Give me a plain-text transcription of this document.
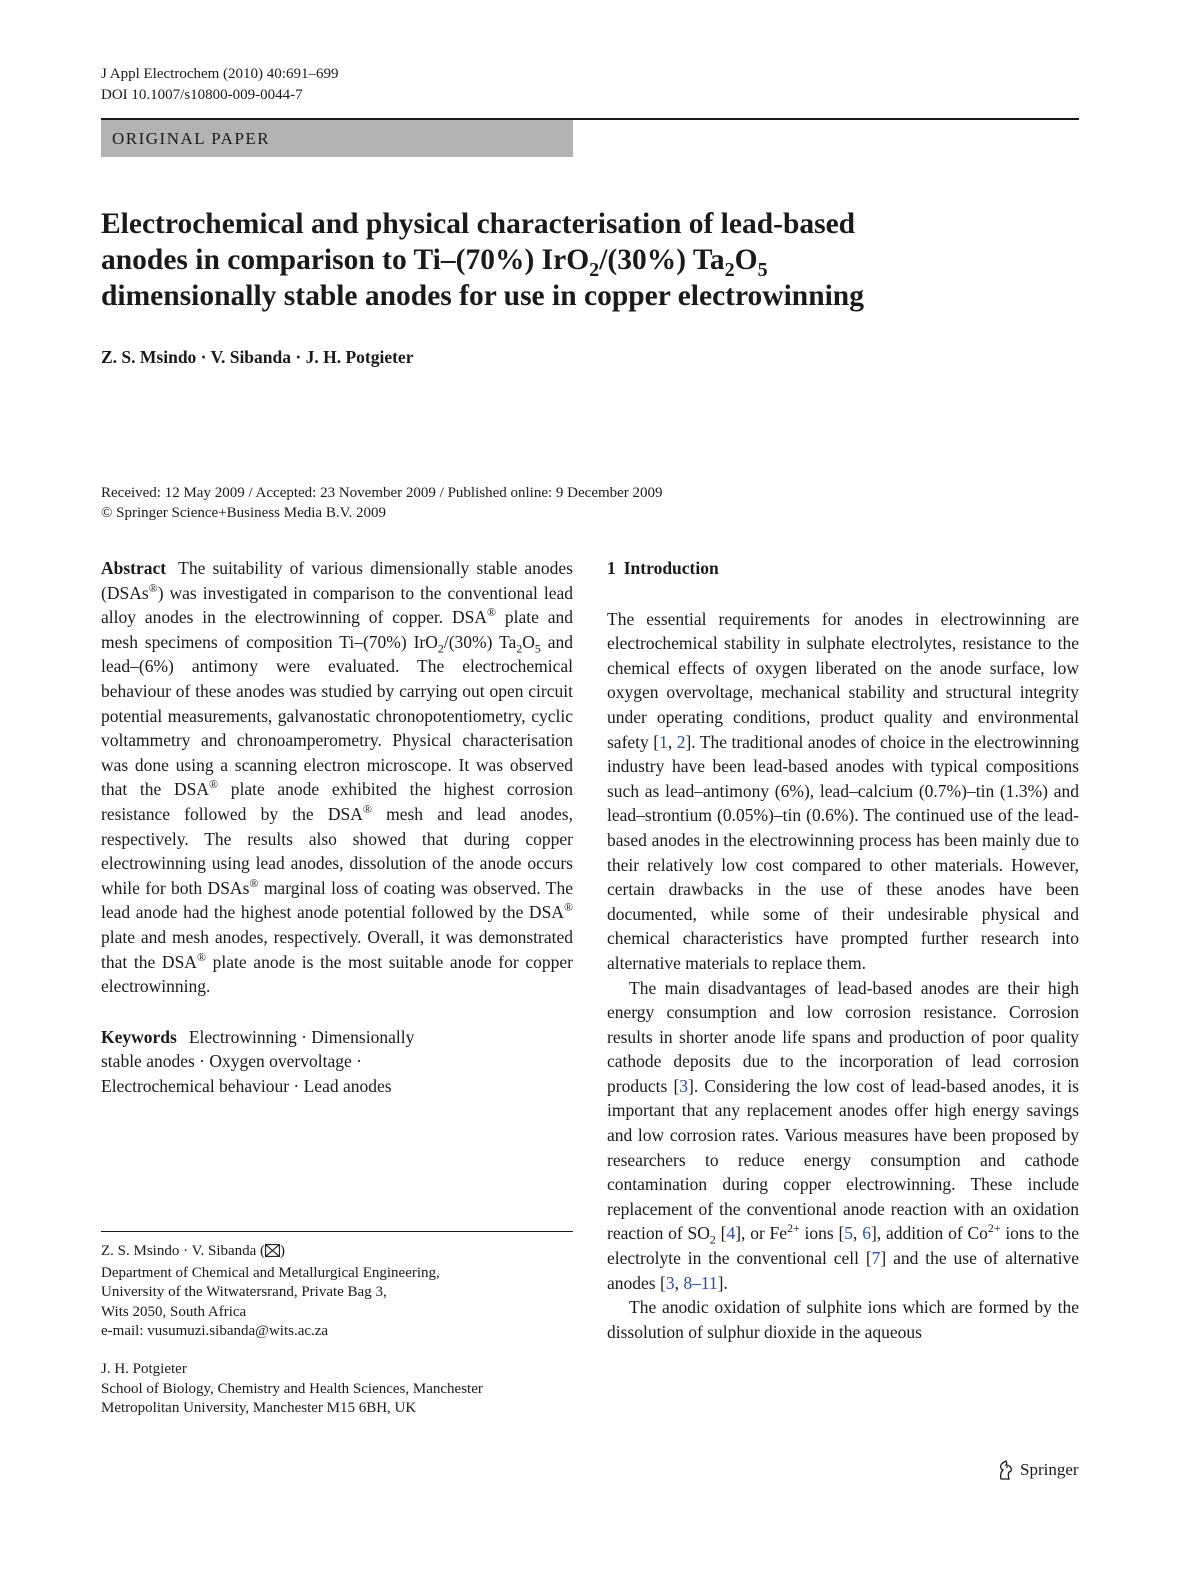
J Appl Electrochem (2010) 40:691–699
DOI 10.1007/s10800-009-0044-7
ORIGINAL PAPER
Electrochemical and physical characterisation of lead-based
anodes in comparison to Ti–(70%) IrO$_2$/(30%) $Ta_2O_5$
dimensionally stable anodes for use in copper electrowinning
Z. S. Msindo · V. Sibanda · J. H. Potgieter
Received: 12 May 2009 / Accepted: 23 November 2009 / Published online: 9 December 2009
© Springer Science+Business Media B.V. 2009
Abstract The suitability of various dimensionally stable anodes (DSAs®) was investigated in comparison to the conventional lead alloy anodes in the electrowinning of copper. DSA® plate and mesh specimens of composition Ti–(70%) IrO$_2$/(30%) $Ta_2O_5$ and lead–(6%) antimony were evaluated. The electrochemical behaviour of these anodes was studied by carrying out open circuit potential measurements, galvanostatic chronopotentiometry, cyclic voltammetry and chronoamperometry. Physical characterisation was done using a scanning electron microscope. It was observed that the DSA® plate anode exhibited the highest corrosion resistance followed by the DSA® mesh and lead anodes, respectively. The results also showed that during copper electrowinning using lead anodes, dissolution of the anode occurs while for both DSAs® marginal loss of coating was observed. The lead anode had the highest anode potential followed by the DSA® plate and mesh anodes, respectively. Overall, it was demonstrated that the DSA® plate anode is the most suitable anode for copper electrowinning.
Keywords Electrowinning · Dimensionally
stable anodes · Oxygen overvoltage ·
Electrochemical behaviour · Lead anodes
Z. S. Msindo · V. Sibanda ( )
Department of Chemical and Metallurgical Engineering,
University of the Witwatersrand, Private Bag 3,
Wits 2050, South Africa
e-mail: vusumuzi.sibanda@wits.ac.za
J. H. Potgieter
School of Biology, Chemistry and Health Sciences, Manchester
Metropolitan University, Manchester M15 6BH, UK
1 Introduction

The essential requirements for anodes in electrowinning are electrochemical stability in sulphate electrolytes, resistance to the chemical effects of oxygen liberated on the anode surface, low oxygen overvoltage, mechanical stability and structural integrity under operating conditions, product quality and environmental safety [1, 2]. The traditional anodes of choice in the electrowinning industry have been lead-based anodes with typical compositions such as lead–antimony (6%), lead–calcium (0.7%)–tin (1.3%) and lead–strontium (0.05%)–tin (0.6%). The continued use of the lead-based anodes in the electrowinning process has been mainly due to their relatively low cost compared to other materials. However, certain drawbacks in the use of these anodes have been documented, while some of their undesirable physical and chemical characteristics have prompted further research into alternative materials to replace them.

The main disadvantages of lead-based anodes are their high energy consumption and low corrosion resistance. Corrosion results in shorter anode life spans and production of poor quality cathode deposits due to the incorporation of lead corrosion products [3]. Considering the low cost of lead-based anodes, it is important that any replacement anodes offer high energy savings and low corrosion rates. Various measures have been proposed by researchers to reduce energy consumption and cathode contamination during copper electrowinning. These include replacement of the conventional anode reaction with an oxidation reaction of $SO_2$ [4], or $Fe^{2+}$ ions [5, 6], addition of $Co^{2+}$ ions to the electrolyte in the conventional cell [7] and the use of alternative anodes [3, 8–11].

The anodic oxidation of sulphite ions which are formed by the dissolution of sulphur dioxide in the aqueous

Springer
